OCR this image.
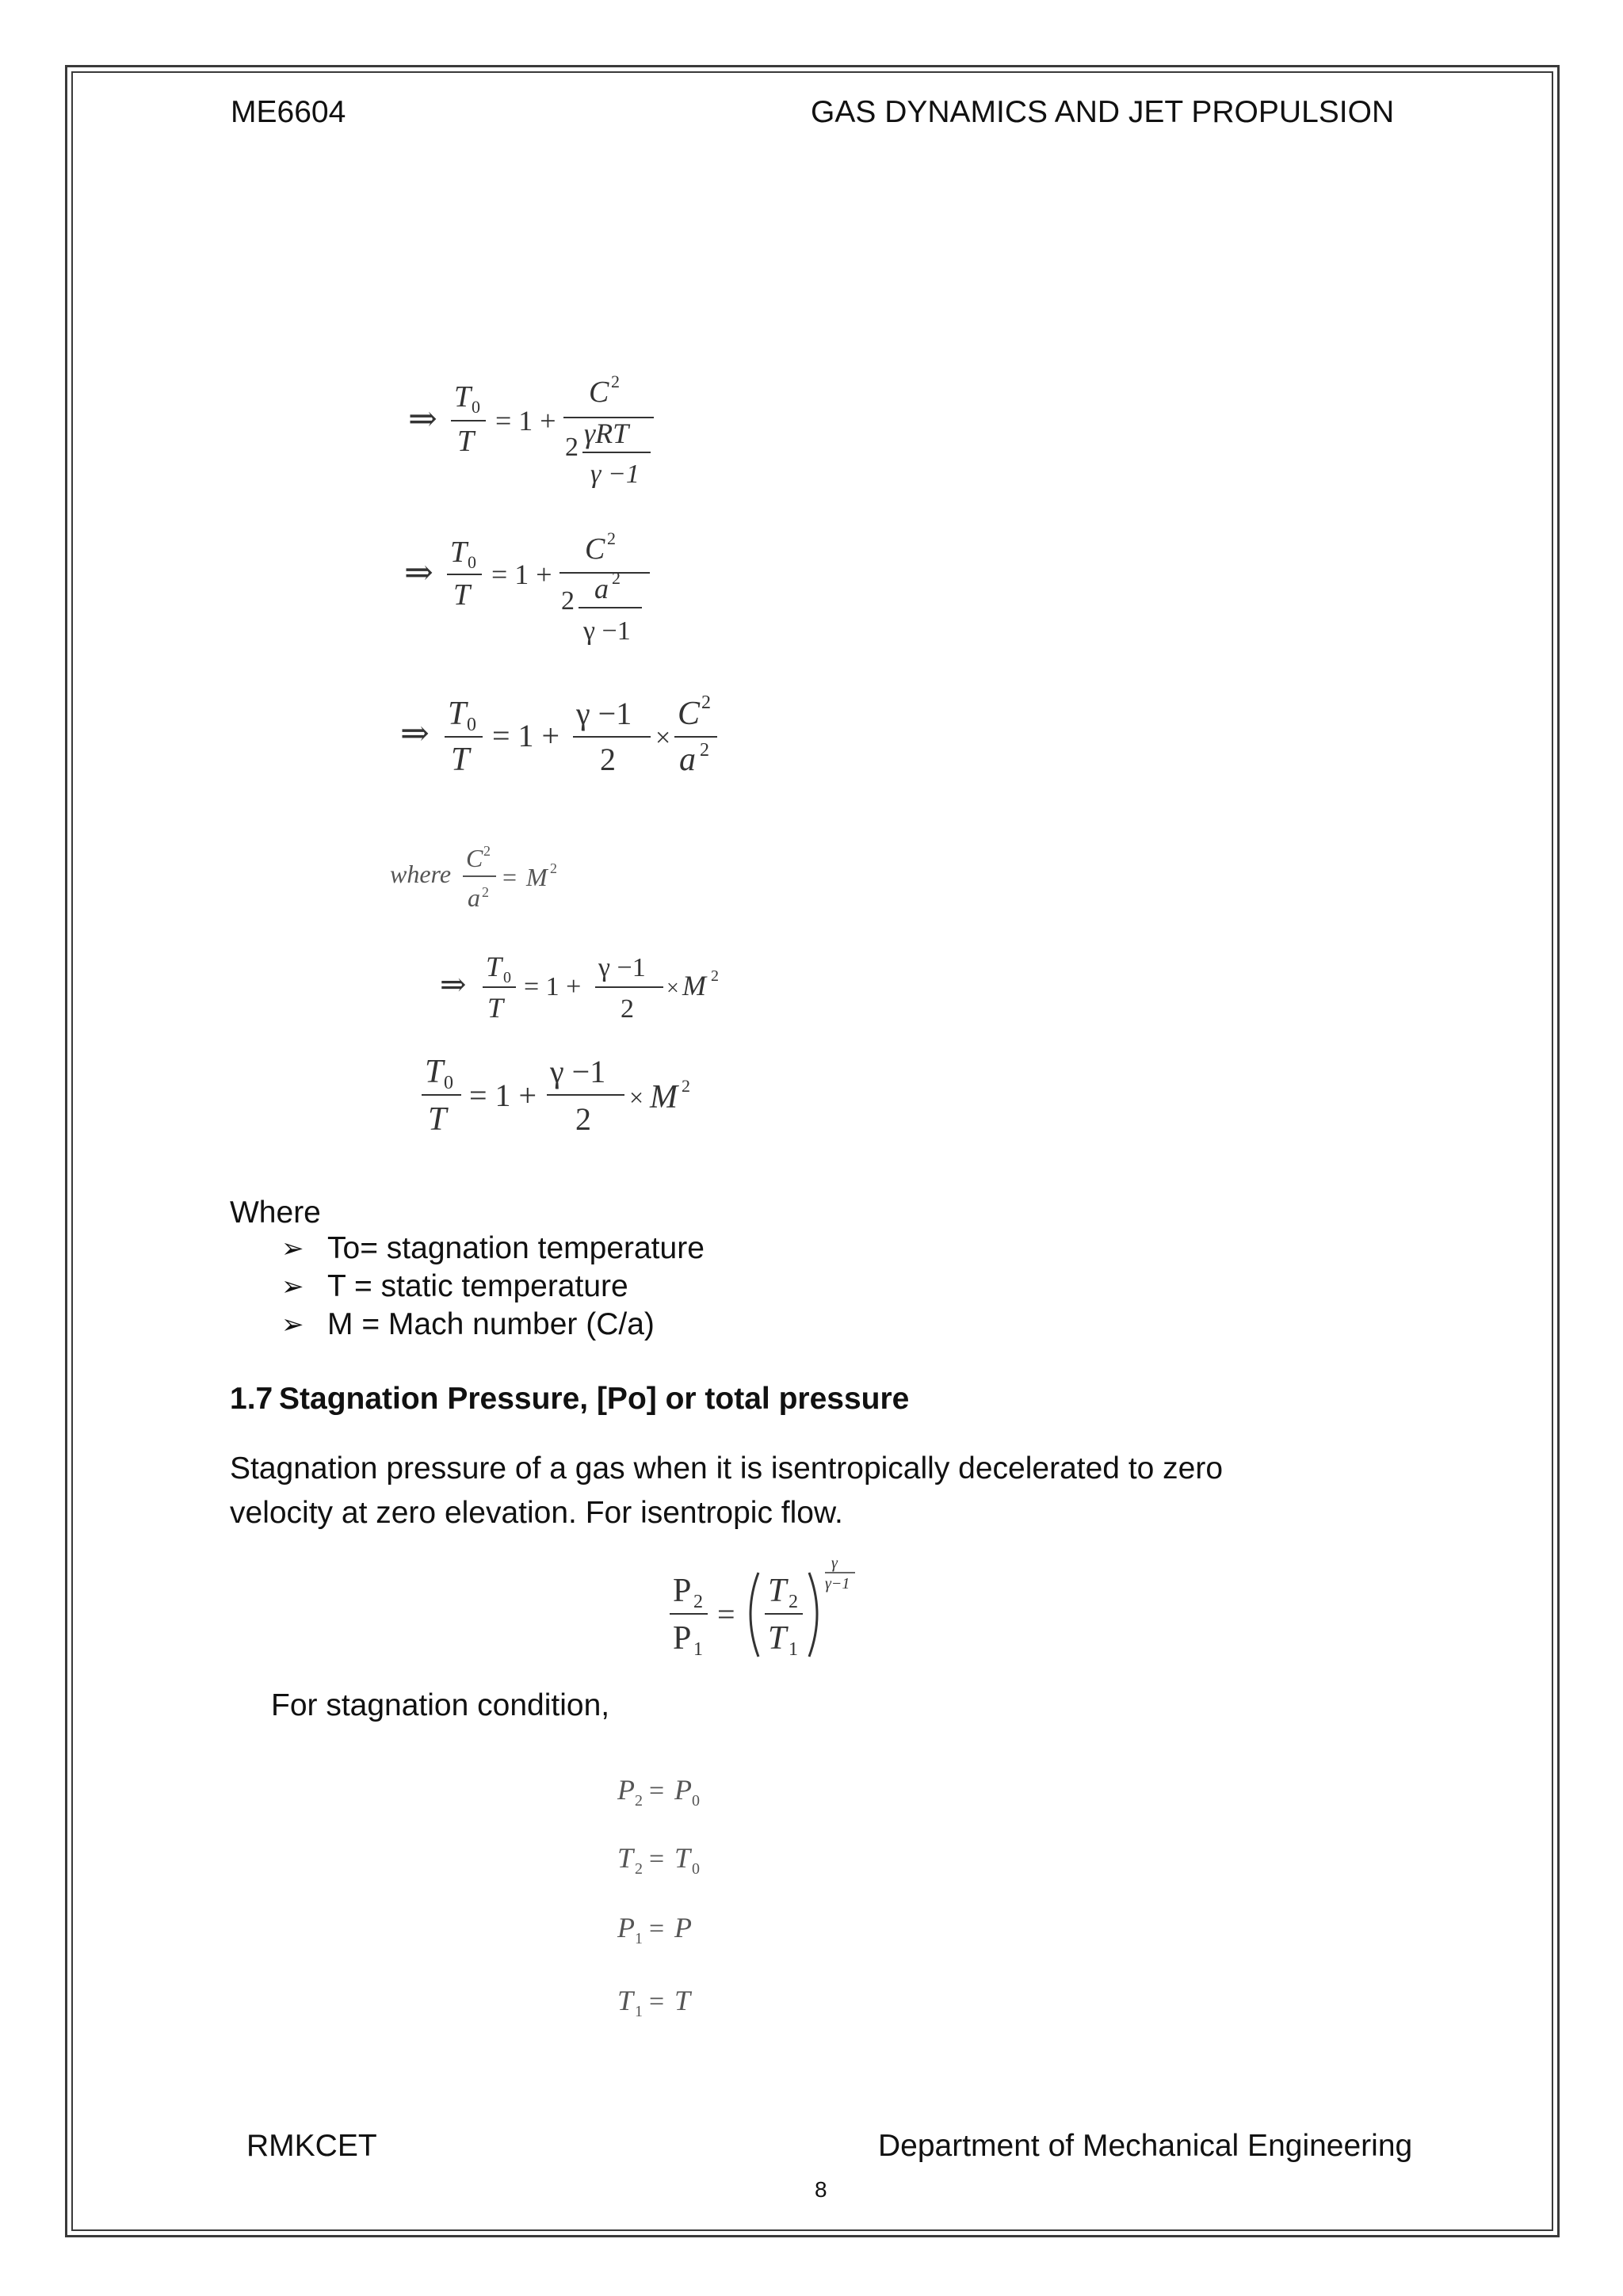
ME6604	GAS DYNAMICS AND JET PROPULSION
⇒
T 0
T
= 1 +
C 2
2 γRT
γ −1
⇒
T 0
T
= 1 +
C 2
2 a 2
γ −1
⇒ T 0
T
= 1 +
γ −1
2
×
C 2
a 2
where
C 2
a 2
= M 2
⇒ T 0
T
= 1 +
γ −1
2
× M 2
T 0
T
= 1 +
γ −1
2
× M 2
Where
➢ To= stagnation temperature
➢ T = static temperature
➢ M = Mach number (C/a)
1.7 Stagnation Pressure, [Po] or total pressure
Stagnation pressure of a gas when it is isentropically decelerated to zero
velocity at zero elevation. For isentropic flow.
P 2
P 1
=
T 2
T 1
γ
γ−1
For stagnation condition,
P 2 = P 0
T 2 = T 0
P 1 = P
T 1 = T
RMKCET	Department of Mechanical Engineering
8
